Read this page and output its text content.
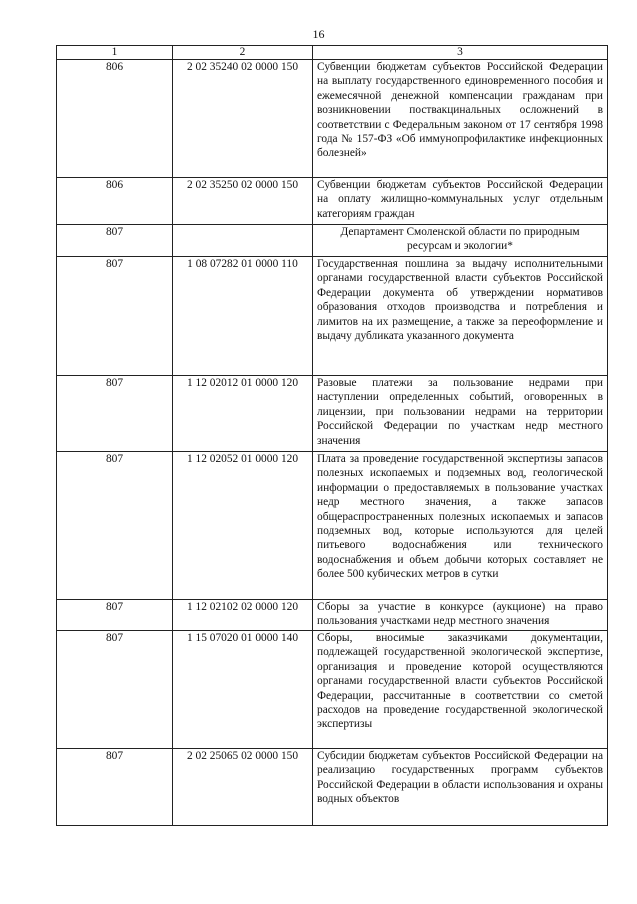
16
1	2	3
806	2 02 35240 02 0000 150	Субвенции бюджетам субъектов Российской Федерации на выплату государственного единовременного пособия и ежемесячной денежной компенсации гражданам при возникновении поствакцинальных осложнений в соответствии с Федеральным законом от 17 сентября 1998 года № 157-ФЗ «Об иммунопрофилактике инфекционных болезней»
806	2 02 35250 02 0000 150	Субвенции бюджетам субъектов Российской Федерации на оплату жилищно-коммунальных услуг отдельным категориям граждан
807		Департамент Смоленской области по природным ресурсам и экологии*
807	1 08 07282 01 0000 110	Государственная пошлина за выдачу исполнительными органами государственной власти субъектов Российской Федерации документа об утверждении нормативов образования отходов производства и потребления и лимитов на их размещение, а также за переоформление и выдачу дубликата указанного документа
807	1 12 02012 01 0000 120	Разовые платежи за пользование недрами при наступлении определенных событий, оговоренных в лицензии, при пользовании недрами на территории Российской Федерации по участкам недр местного значения
807	1 12 02052 01 0000 120	Плата за проведение государственной экспертизы запасов полезных ископаемых и подземных вод, геологической информации о предоставляемых в пользование участках недр местного значения, а также запасов общераспространенных полезных ископаемых и запасов подземных вод, которые используются для целей питьевого водоснабжения или технического водоснабжения и объем добычи которых составляет не более 500 кубических метров в сутки
807	1 12 02102 02 0000 120	Сборы за участие в конкурсе (аукционе) на право пользования участками недр местного значения
807	1 15 07020 01 0000 140	Сборы, вносимые заказчиками документации, подлежащей государственной экологической экспертизе, организация и проведение которой осуществляются органами государственной власти субъектов Российской Федерации, рассчитанные в соответствии со сметой расходов на проведение государственной экологической экспертизы
807	2 02 25065 02 0000 150	Субсидии бюджетам субъектов Российской Федерации на реализацию государственных программ субъектов Российской Федерации в области использования и охраны водных объектов
